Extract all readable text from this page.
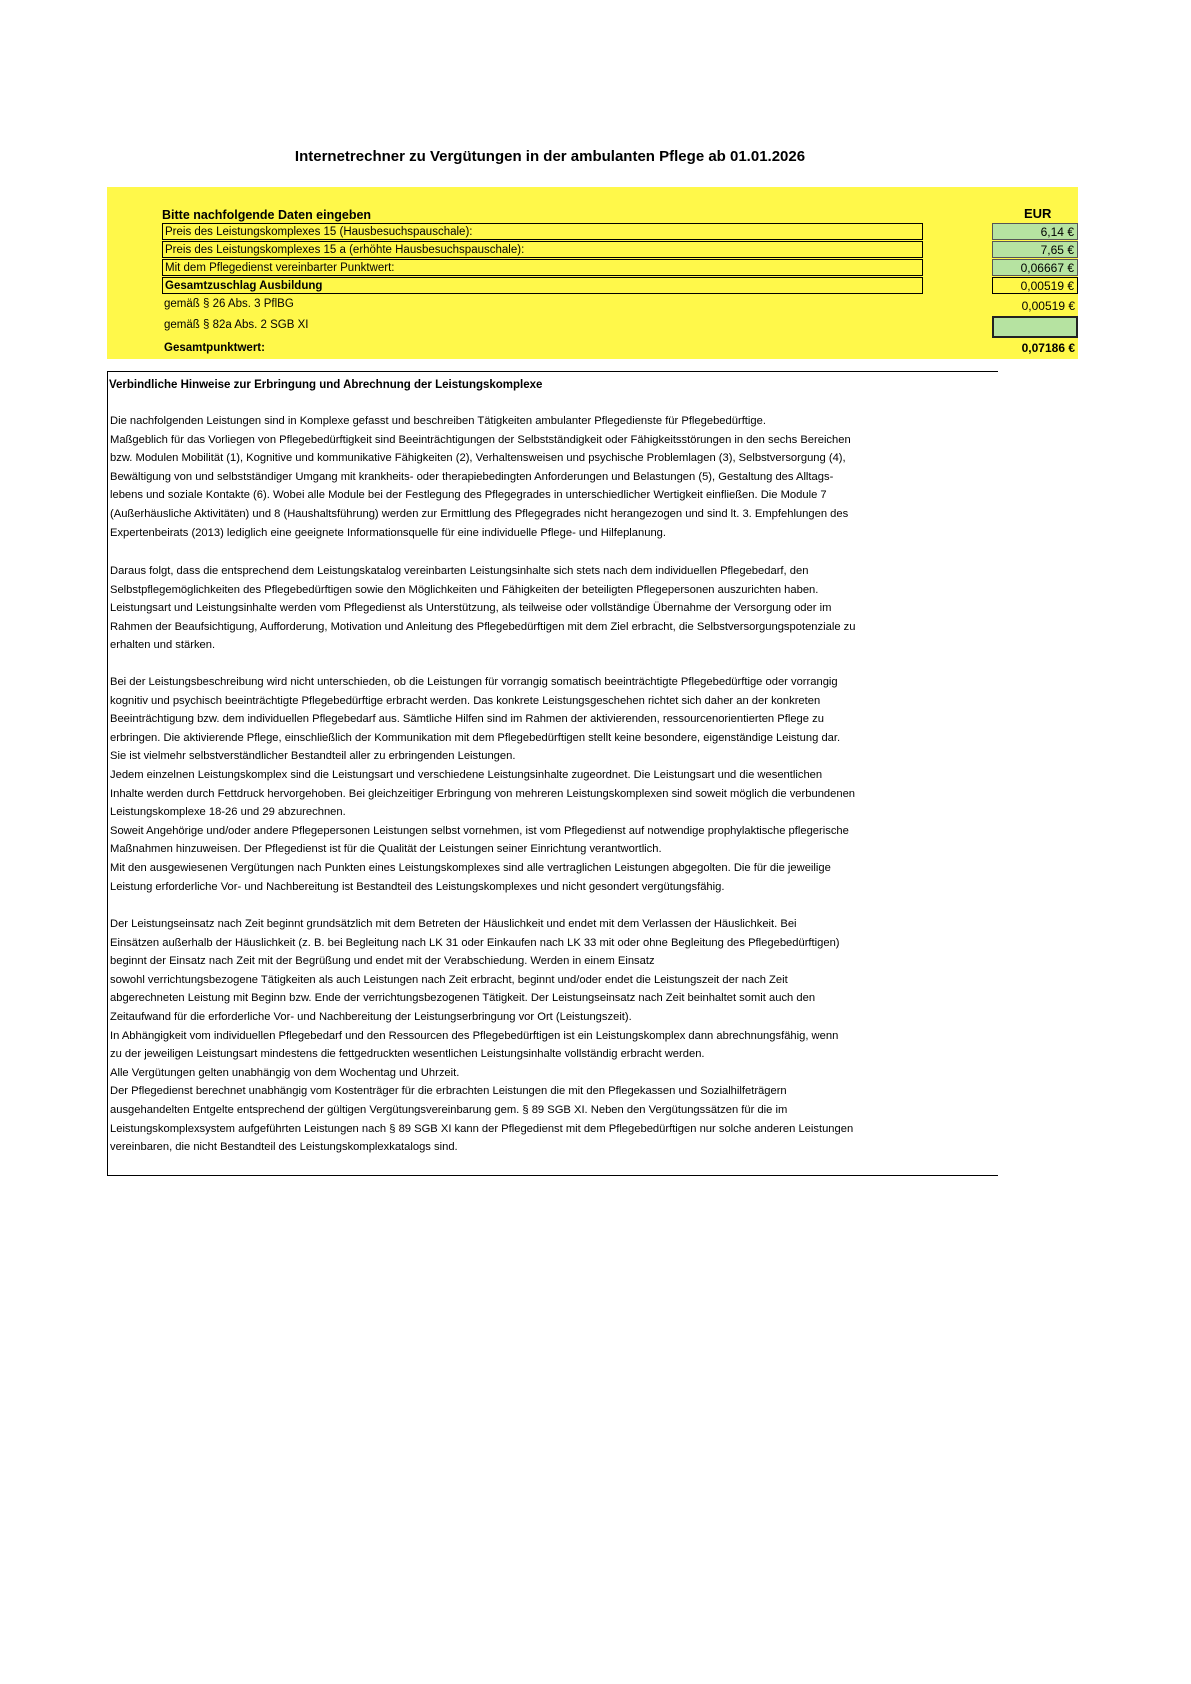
Internetrechner zu Vergütungen in der ambulanten Pflege ab 01.01.2026
Bitte nachfolgende Daten eingeben	EUR
Preis des Leistungskomplexes 15 (Hausbesuchspauschale):	6,14 €
Preis des Leistungskomplexes 15 a (erhöhte Hausbesuchspauschale):	7,65 €
Mit dem Pflegedienst vereinbarter Punktwert:	0,06667 €
Gesamtzuschlag Ausbildung	0,00519 €
gemäß § 26 Abs. 3 PflBG	0,00519 €
gemäß § 82a Abs. 2 SGB XI
Gesamtpunktwert:	0,07186 €
Verbindliche Hinweise zur Erbringung und Abrechnung der Leistungskomplexe
Die nachfolgenden Leistungen sind in Komplexe gefasst und beschreiben Tätigkeiten ambulanter Pflegedienste für Pflegebedürftige.
Maßgeblich für das Vorliegen von Pflegebedürftigkeit sind Beeinträchtigungen der Selbstständigkeit oder Fähigkeitsstörungen in den sechs Bereichen
bzw. Modulen Mobilität (1), Kognitive und kommunikative Fähigkeiten (2), Verhaltensweisen und psychische Problemlagen (3), Selbstversorgung (4),
Bewältigung von und selbstständiger Umgang mit krankheits- oder therapiebedingten Anforderungen und Belastungen (5), Gestaltung des Alltags-
lebens und soziale Kontakte (6). Wobei alle Module bei der Festlegung des Pflegegrades in unterschiedlicher Wertigkeit einfließen. Die Module 7
(Außerhäusliche Aktivitäten) und 8 (Haushaltsführung) werden zur Ermittlung des Pflegegrades nicht herangezogen und sind lt. 3. Empfehlungen des
Expertenbeirats (2013) lediglich eine geeignete Informationsquelle für eine individuelle Pflege- und Hilfeplanung.
Daraus folgt, dass die entsprechend dem Leistungskatalog vereinbarten Leistungsinhalte sich stets nach dem individuellen Pflegebedarf, den
Selbstpflegemöglichkeiten des Pflegebedürftigen sowie den Möglichkeiten und Fähigkeiten der beteiligten Pflegepersonen auszurichten haben.
Leistungsart und Leistungsinhalte werden vom Pflegedienst als Unterstützung, als teilweise oder vollständige Übernahme der Versorgung oder im
Rahmen der Beaufsichtigung, Aufforderung, Motivation und Anleitung des Pflegebedürftigen mit dem Ziel erbracht, die Selbstversorgungspotenziale zu
erhalten und stärken.
Bei der Leistungsbeschreibung wird nicht unterschieden, ob die Leistungen für vorrangig somatisch beeinträchtigte Pflegebedürftige oder vorrangig
kognitiv und psychisch beeinträchtigte Pflegebedürftige erbracht werden. Das konkrete Leistungsgeschehen richtet sich daher an der konkreten
Beeinträchtigung bzw. dem individuellen Pflegebedarf aus. Sämtliche Hilfen sind im Rahmen der aktivierenden, ressourcenorientierten Pflege zu
erbringen. Die aktivierende Pflege, einschließlich der Kommunikation mit dem Pflegebedürftigen stellt keine besondere, eigenständige Leistung dar.
Sie ist vielmehr selbstverständlicher Bestandteil aller zu erbringenden Leistungen.
Jedem einzelnen Leistungskomplex sind die Leistungsart und verschiedene Leistungsinhalte zugeordnet. Die Leistungsart und die wesentlichen
Inhalte werden durch Fettdruck hervorgehoben. Bei gleichzeitiger Erbringung von mehreren Leistungskomplexen sind soweit möglich die verbundenen
Leistungskomplexe 18-26 und 29 abzurechnen.
Soweit Angehörige und/oder andere Pflegepersonen Leistungen selbst vornehmen, ist vom Pflegedienst auf notwendige prophylaktische pflegerische
Maßnahmen hinzuweisen. Der Pflegedienst ist für die Qualität der Leistungen seiner Einrichtung verantwortlich.
Mit den ausgewiesenen Vergütungen nach Punkten eines Leistungskomplexes sind alle vertraglichen Leistungen abgegolten. Die für die jeweilige
Leistung erforderliche Vor- und Nachbereitung ist Bestandteil des Leistungskomplexes und nicht gesondert vergütungsfähig.
Der Leistungseinsatz nach Zeit beginnt grundsätzlich mit dem Betreten der Häuslichkeit und endet mit dem Verlassen der Häuslichkeit. Bei
Einsätzen außerhalb der Häuslichkeit (z. B. bei Begleitung nach LK 31 oder Einkaufen nach LK 33 mit oder ohne Begleitung des Pflegebedürftigen)
beginnt der Einsatz nach Zeit mit der Begrüßung und endet mit der Verabschiedung. Werden in einem Einsatz
sowohl verrichtungsbezogene Tätigkeiten als auch Leistungen nach Zeit erbracht, beginnt und/oder endet die Leistungszeit der nach Zeit
abgerechneten Leistung mit Beginn bzw. Ende der verrichtungsbezogenen Tätigkeit. Der Leistungseinsatz nach Zeit beinhaltet somit auch den
Zeitaufwand für die erforderliche Vor- und Nachbereitung der Leistungserbringung vor Ort (Leistungszeit).
In Abhängigkeit vom individuellen Pflegebedarf und den Ressourcen des Pflegebedürftigen ist ein Leistungskomplex dann abrechnungsfähig, wenn
zu der jeweiligen Leistungsart mindestens die fettgedruckten wesentlichen Leistungsinhalte vollständig erbracht werden.
Alle Vergütungen gelten unabhängig von dem Wochentag und Uhrzeit.
Der Pflegedienst berechnet unabhängig vom Kostenträger für die erbrachten Leistungen die mit den Pflegekassen und Sozialhilfeträgern
ausgehandelten Entgelte entsprechend der gültigen Vergütungsvereinbarung gem. § 89 SGB XI. Neben den Vergütungssätzen für die im
Leistungskomplexsystem aufgeführten Leistungen nach § 89 SGB XI kann der Pflegedienst mit dem Pflegebedürftigen nur solche anderen Leistungen
vereinbaren, die nicht Bestandteil des Leistungskomplexkatalogs sind.
